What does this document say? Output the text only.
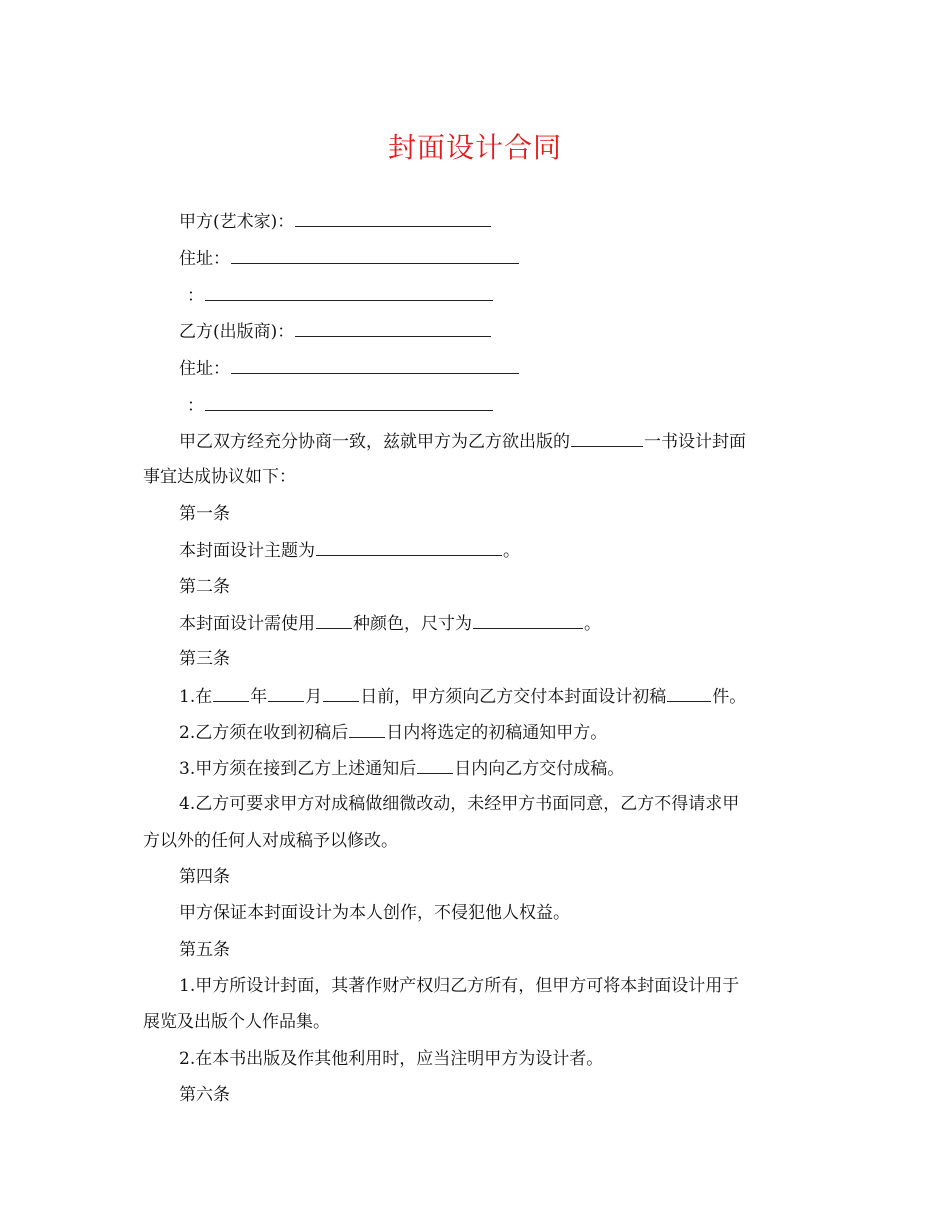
封面设计合同
甲方(艺术家)：
住址：
：
乙方(出版商)：
住址：
：
甲乙双方经充分协商一致，兹就甲方为乙方欲出版的	一书设计封面
事宜达成协议如下：
第一条
本封面设计主题为	。
第二条
本封面设计需使用 种颜色，尺寸为	。
第三条
1.在 年 月 日前，甲方须向乙方交付本封面设计初稿	件。
2.乙方须在收到初稿后 日内将选定的初稿通知甲方。
3.甲方须在接到乙方上述通知后 日内向乙方交付成稿。
4.乙方可要求甲方对成稿做细微改动，未经甲方书面同意，乙方不得请求甲
方以外的任何人对成稿予以修改。
第四条
甲方保证本封面设计为本人创作，不侵犯他人权益。
第五条
1.甲方所设计封面，其著作财产权归乙方所有，但甲方可将本封面设计用于
展览及出版个人作品集。
2.在本书出版及作其他利用时，应当注明甲方为设计者。
第六条
